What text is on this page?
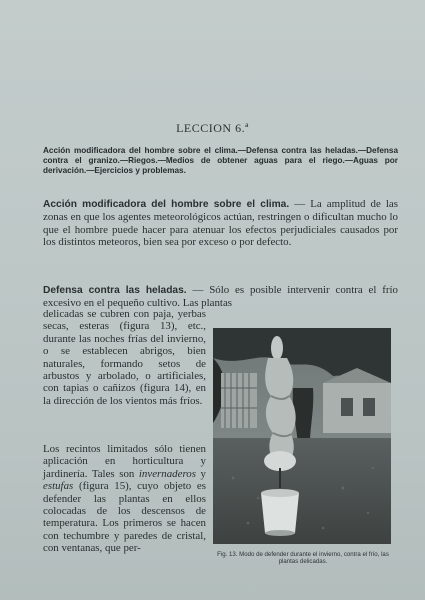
LECCION 6.ª
Acción modificadora del hombre sobre el clima.—Defensa contra las heladas.—Defensa contra el granizo.—Riegos.—Medios de obtener aguas para el riego.—Aguas por derivación.—Ejercicios y problemas.
Acción modificadora del hombre sobre el clima. — La amplitud de las zonas en que los agentes meteorológicos actúan, restringen o dificultan mucho lo que el hombre puede hacer para atenuar los efectos perjudiciales causados por los distintos meteoros, bien sea por exceso o por defecto.
Defensa contra las heladas. — Sólo es posible intervenir contra el frío excesivo en el pequeño cultivo. Las plantas
delicadas se cubren con paja, yerbas secas, esteras (figura 13), etc., durante las noches frías del invierno, o se establecen abrigos, bien naturales, formando setos de arbustos y arbolado, o artificiales, con tapias o cañizos (figura 14), en la dirección de los vientos más fríos.
Los recintos limitados sólo tienen aplicación en horticultura y jardinería. Tales son invernaderos y estufas (figura 15), cuyo objeto es defender las plantas en ellos colocadas de los descensos de temperatura. Los primeros se hacen con techumbre y paredes de cristal, con ventanas, que per-
Fig. 13. Modo de defender durante el invierno, contra el frío, las plantas delicadas.
